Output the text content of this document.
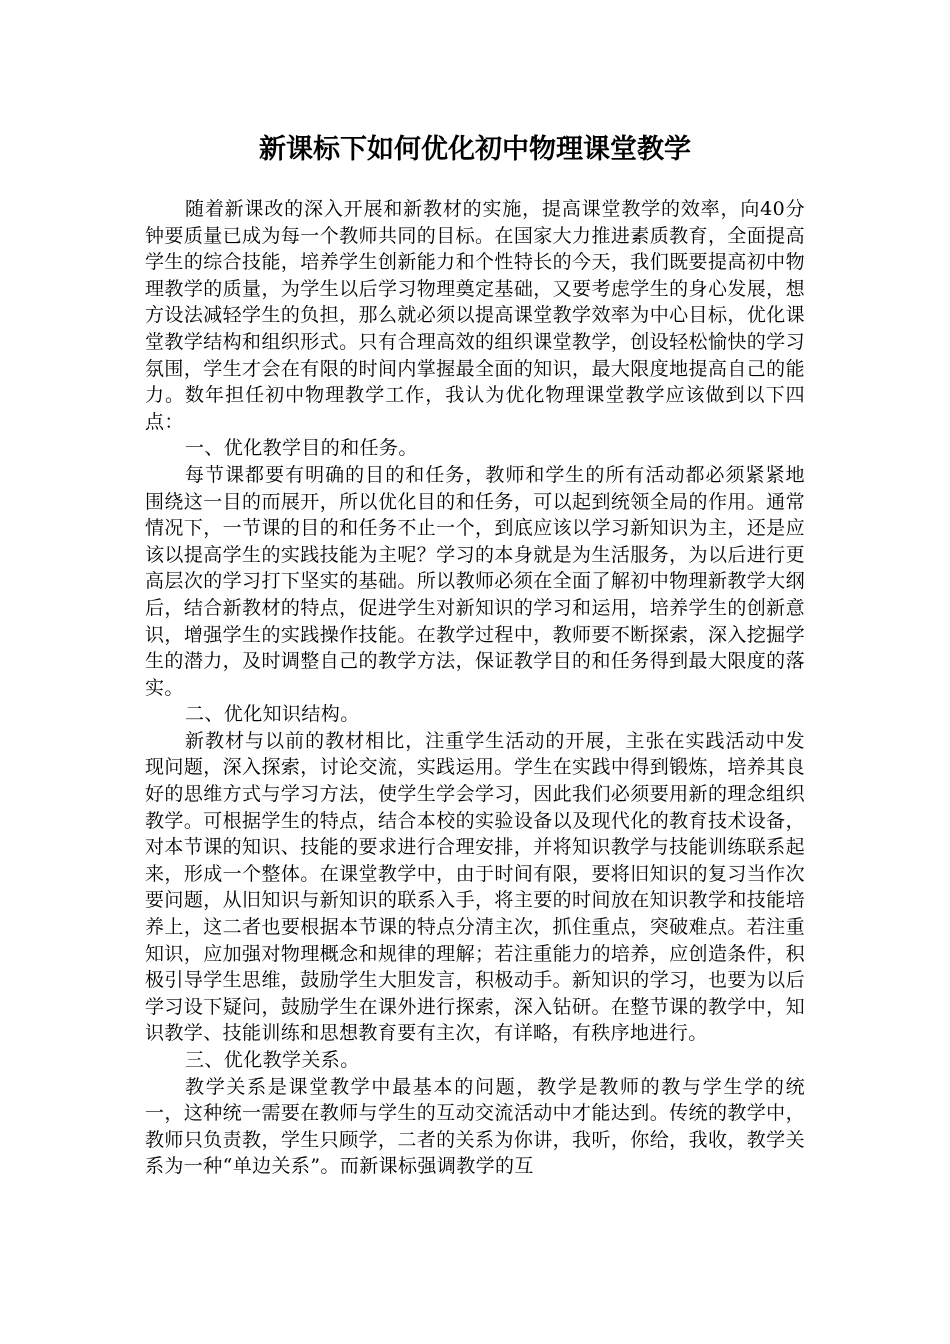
新课标下如何优化初中物理课堂教学

随着新课改的深入开展和新教材的实施，提高课堂教学的效率，向40分钟要质量已成为每一个教师共同的目标。在国家大力推进素质教育，全面提高学生的综合技能，培养学生创新能力和个性特长的今天，我们既要提高初中物理教学的质量，为学生以后学习物理奠定基础，又要考虑学生的身心发展，想方设法减轻学生的负担，那么就必须以提高课堂教学效率为中心目标，优化课堂教学结构和组织形式。只有合理高效的组织课堂教学，创设轻松愉快的学习氛围，学生才会在有限的时间内掌握最全面的知识，最大限度地提高自己的能力。数年担任初中物理教学工作，我认为优化物理课堂教学应该做到以下四点：

一、优化教学目的和任务。

每节课都要有明确的目的和任务，教师和学生的所有活动都必须紧紧地围绕这一目的而展开，所以优化目的和任务，可以起到统领全局的作用。通常情况下，一节课的目的和任务不止一个，到底应该以学习新知识为主，还是应该以提高学生的实践技能为主呢？学习的本身就是为生活服务，为以后进行更高层次的学习打下坚实的基础。所以教师必须在全面了解初中物理新教学大纲后，结合新教材的特点，促进学生对新知识的学习和运用，培养学生的创新意识，增强学生的实践操作技能。在教学过程中，教师要不断探索，深入挖掘学生的潜力，及时调整自己的教学方法，保证教学目的和任务得到最大限度的落实。

二、优化知识结构。

新教材与以前的教材相比，注重学生活动的开展，主张在实践活动中发现问题，深入探索，讨论交流，实践运用。学生在实践中得到锻炼，培养其良好的思维方式与学习方法，使学生学会学习，因此我们必须要用新的理念组织教学。可根据学生的特点，结合本校的实验设备以及现代化的教育技术设备，对本节课的知识、技能的要求进行合理安排，并将知识教学与技能训练联系起来，形成一个整体。在课堂教学中，由于时间有限，要将旧知识的复习当作次要问题，从旧知识与新知识的联系入手，将主要的时间放在知识教学和技能培养上，这二者也要根据本节课的特点分清主次，抓住重点，突破难点。若注重知识，应加强对物理概念和规律的理解；若注重能力的培养，应创造条件，积极引导学生思维，鼓励学生大胆发言，积极动手。新知识的学习，也要为以后学习设下疑问，鼓励学生在课外进行探索，深入钻研。在整节课的教学中，知识教学、技能训练和思想教育要有主次，有详略，有秩序地进行。

三、优化教学关系。

教学关系是课堂教学中最基本的问题，教学是教师的教与学生学的统一，这种统一需要在教师与学生的互动交流活动中才能达到。传统的教学中，教师只负责教，学生只顾学，二者的关系为你讲，我听，你给，我收，教学关系为一种“单边关系”。而新课标强调教学的互
